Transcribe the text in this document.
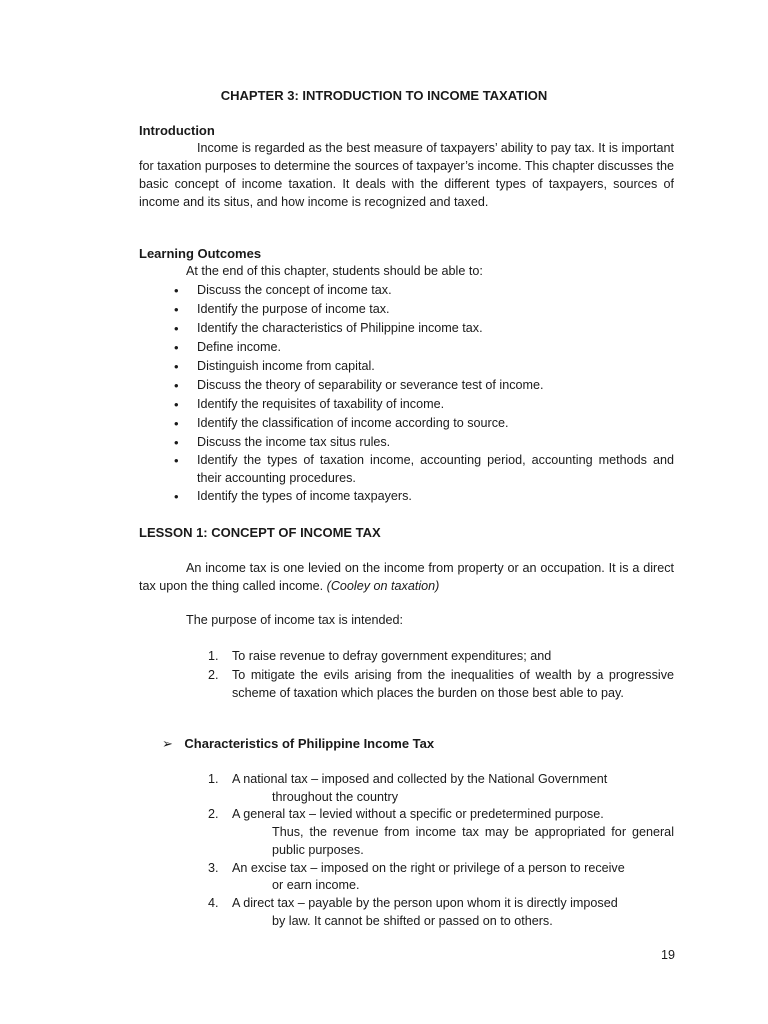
CHAPTER 3: INTRODUCTION TO INCOME TAXATION
Introduction
Income is regarded as the best measure of taxpayers’ ability to pay tax. It is important for taxation purposes to determine the sources of taxpayer’s income. This chapter discusses the basic concept of income taxation. It deals with the different types of taxpayers, sources of income and its situs, and how income is recognized and taxed.
Learning Outcomes
At the end of this chapter, students should be able to:
• Discuss the concept of income tax.
• Identify the purpose of income tax.
• Identify the characteristics of Philippine income tax.
• Define income.
• Distinguish income from capital.
• Discuss the theory of separability or severance test of income.
• Identify the requisites of taxability of income.
• Identify the classification of income according to source.
• Discuss the income tax situs rules.
• Identify the types of taxation income, accounting period, accounting methods and their accounting procedures.
• Identify the types of income taxpayers.
LESSON 1: CONCEPT OF INCOME TAX
An income tax is one levied on the income from property or an occupation. It is a direct tax upon the thing called income. (Cooley on taxation)
The purpose of income tax is intended:
1. To raise revenue to defray government expenditures; and
2. To mitigate the evils arising from the inequalities of wealth by a progressive scheme of taxation which places the burden on those best able to pay.
➢ Characteristics of Philippine Income Tax
1. A national tax – imposed and collected by the National Government
throughout the country
2. A general tax – levied without a specific or predetermined purpose.
Thus, the revenue from income tax may be appropriated for general public purposes.
3. An excise tax – imposed on the right or privilege of a person to receive
or earn income.
4. A direct tax – payable by the person upon whom it is directly imposed
by law. It cannot be shifted or passed on to others.
19
